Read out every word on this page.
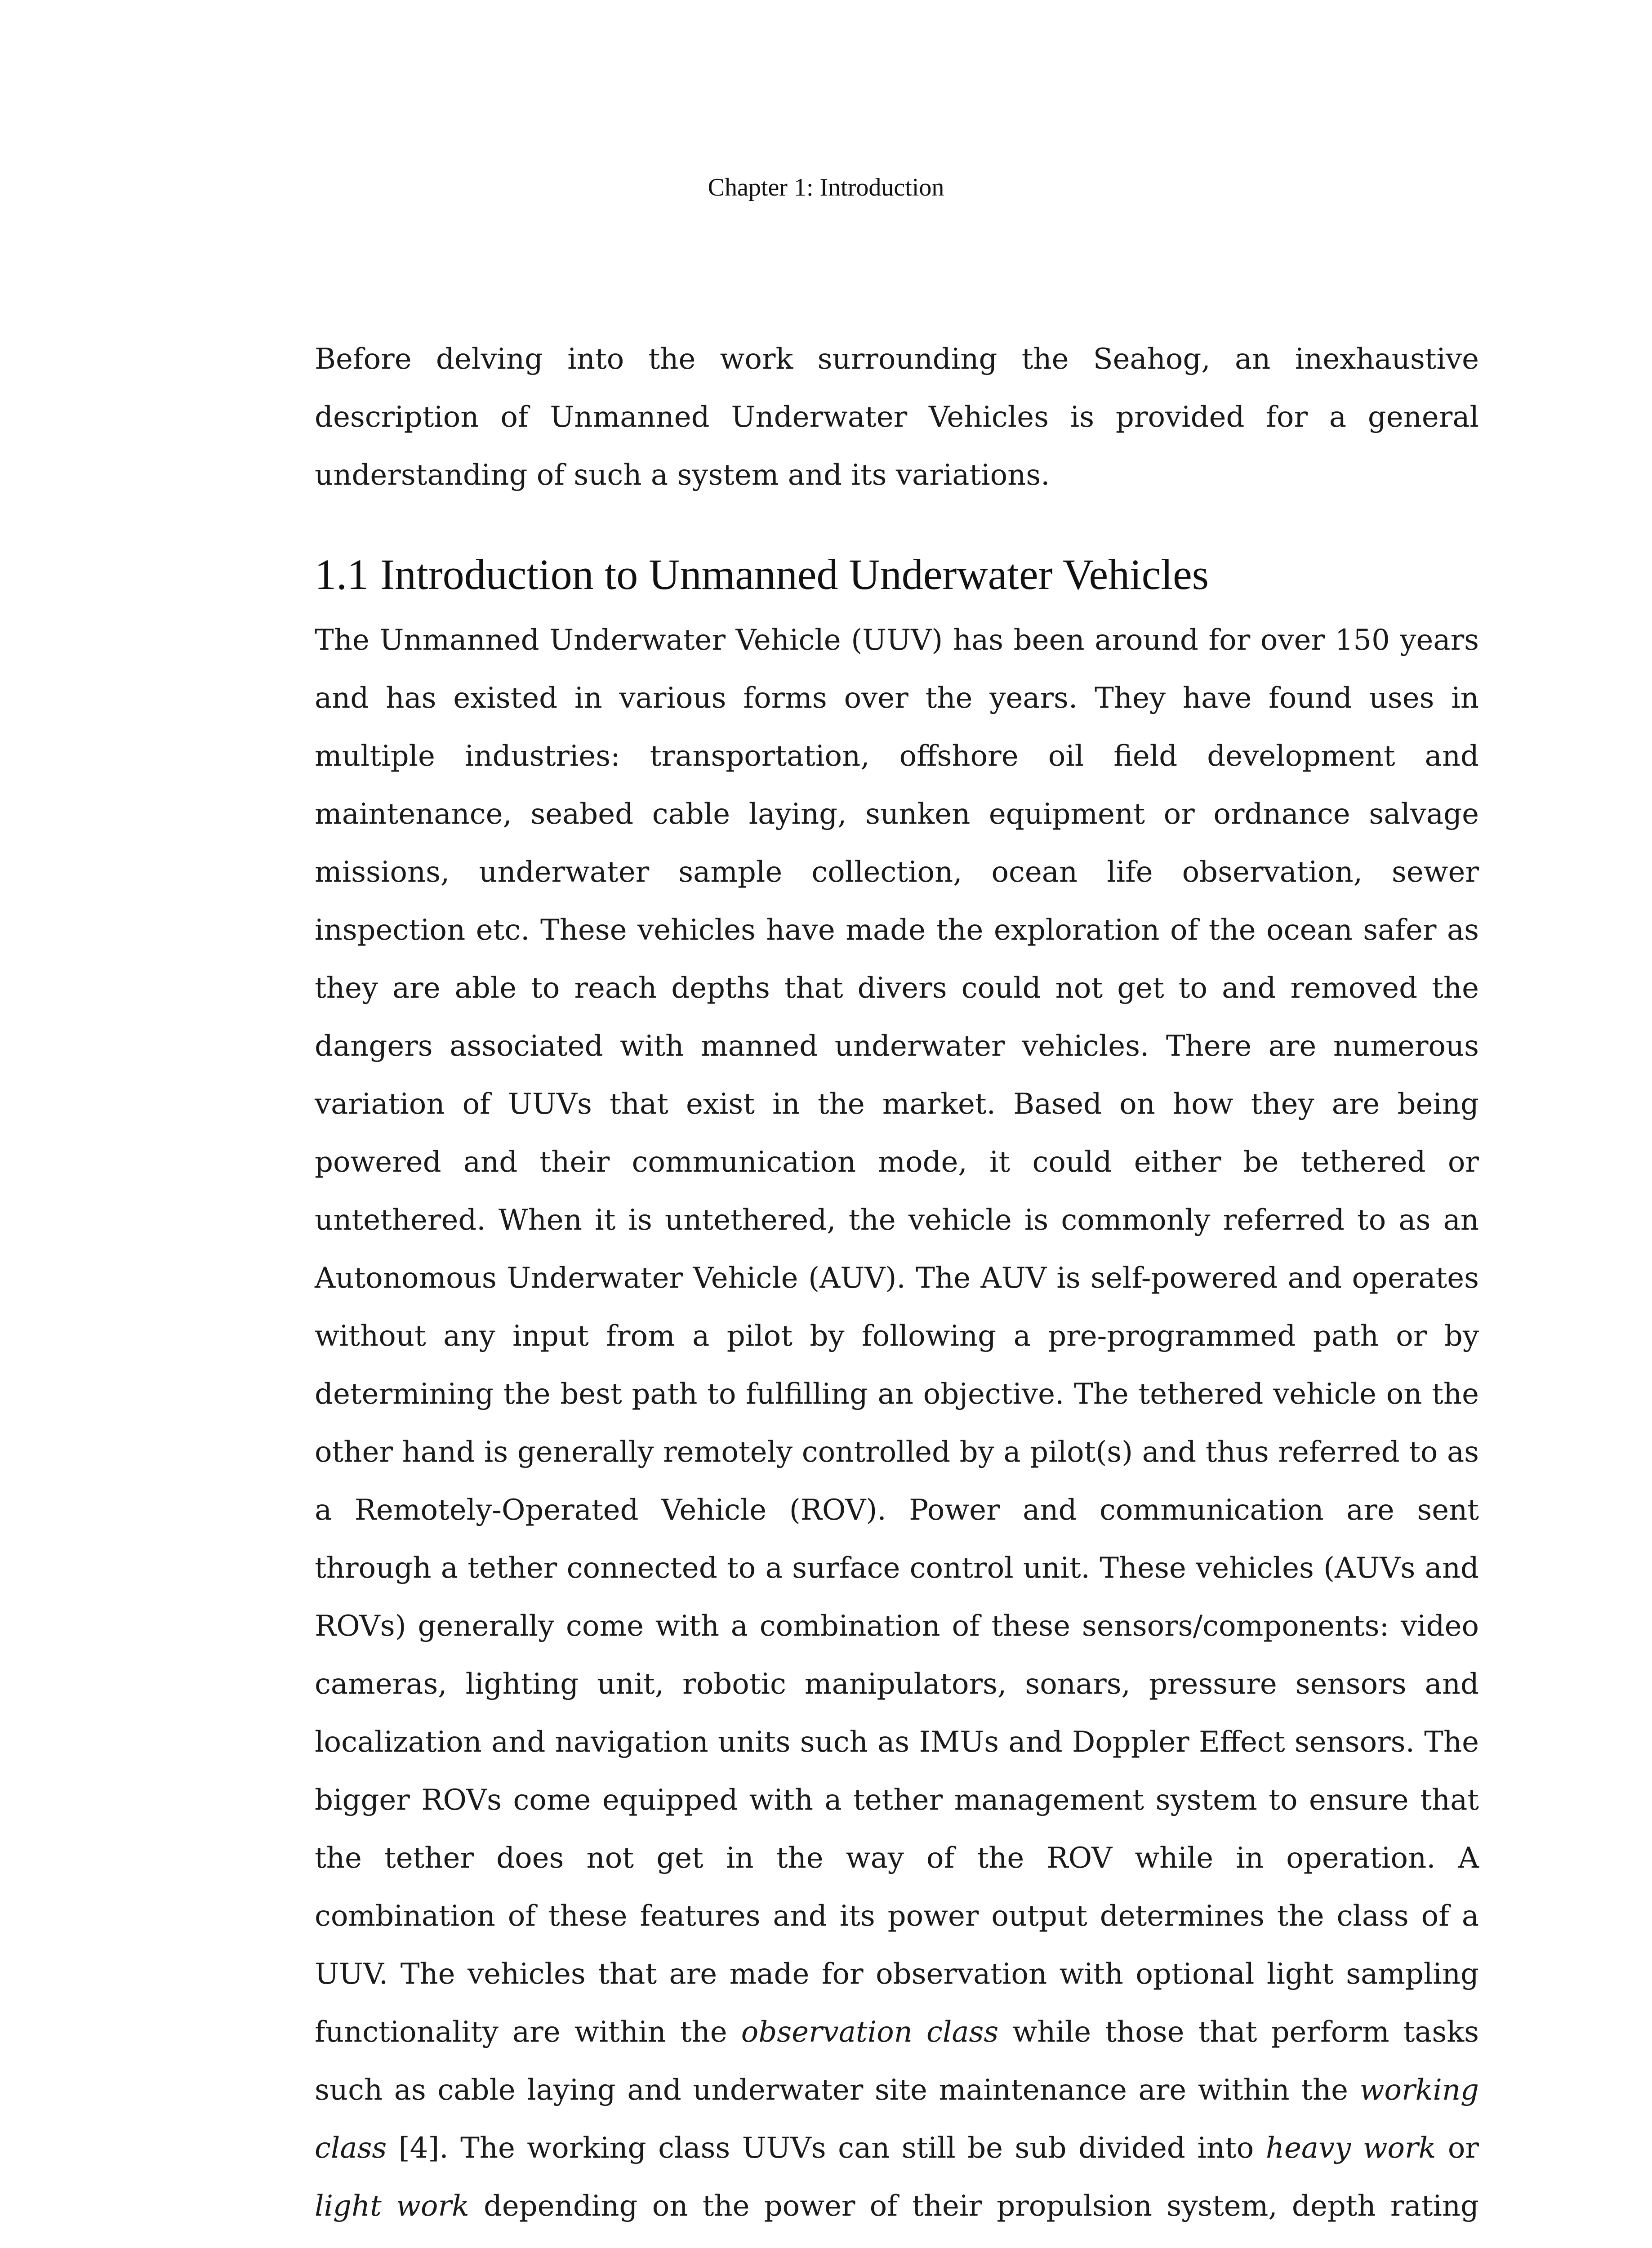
Chapter 1: Introduction

Before delving into the work surrounding the Seahog, an inexhaustive description of Unmanned Underwater Vehicles is provided for a general understanding of such a system and its variations.

1.1 Introduction to Unmanned Underwater Vehicles

The Unmanned Underwater Vehicle (UUV) has been around for over 150 years and has existed in various forms over the years. They have found uses in multiple industries: transportation, offshore oil field development and maintenance, seabed cable laying, sunken equipment or ordnance salvage missions, underwater sample collection, ocean life observation, sewer inspection etc. These vehicles have made the exploration of the ocean safer as they are able to reach depths that divers could not get to and removed the dangers associated with manned underwater vehicles. There are numerous variation of UUVs that exist in the market. Based on how they are being powered and their communication mode, it could either be tethered or untethered. When it is untethered, the vehicle is commonly referred to as an Autonomous Underwater Vehicle (AUV). The AUV is self-powered and operates without any input from a pilot by following a pre-programmed path or by determining the best path to fulfilling an objective. The tethered vehicle on the other hand is generally remotely controlled by a pilot(s) and thus referred to as a Remotely-Operated Vehicle (ROV). Power and communication are sent through a tether connected to a surface control unit. These vehicles (AUVs and ROVs) generally come with a combination of these sensors/components: video cameras, lighting unit, robotic manipulators, sonars, pressure sensors and localization and navigation units such as IMUs and Doppler Effect sensors. The bigger ROVs come equipped with a tether management system to ensure that the tether does not get in the way of the ROV while in operation. A combination of these features and its power output determines the class of a UUV. The vehicles that are made for observation with optional light sampling functionality are within the observation class while those that perform tasks such as cable laying and underwater site maintenance are within the working class [4]. The working class UUVs can still be sub divided into heavy work or light work depending on the power of their propulsion system, depth rating
